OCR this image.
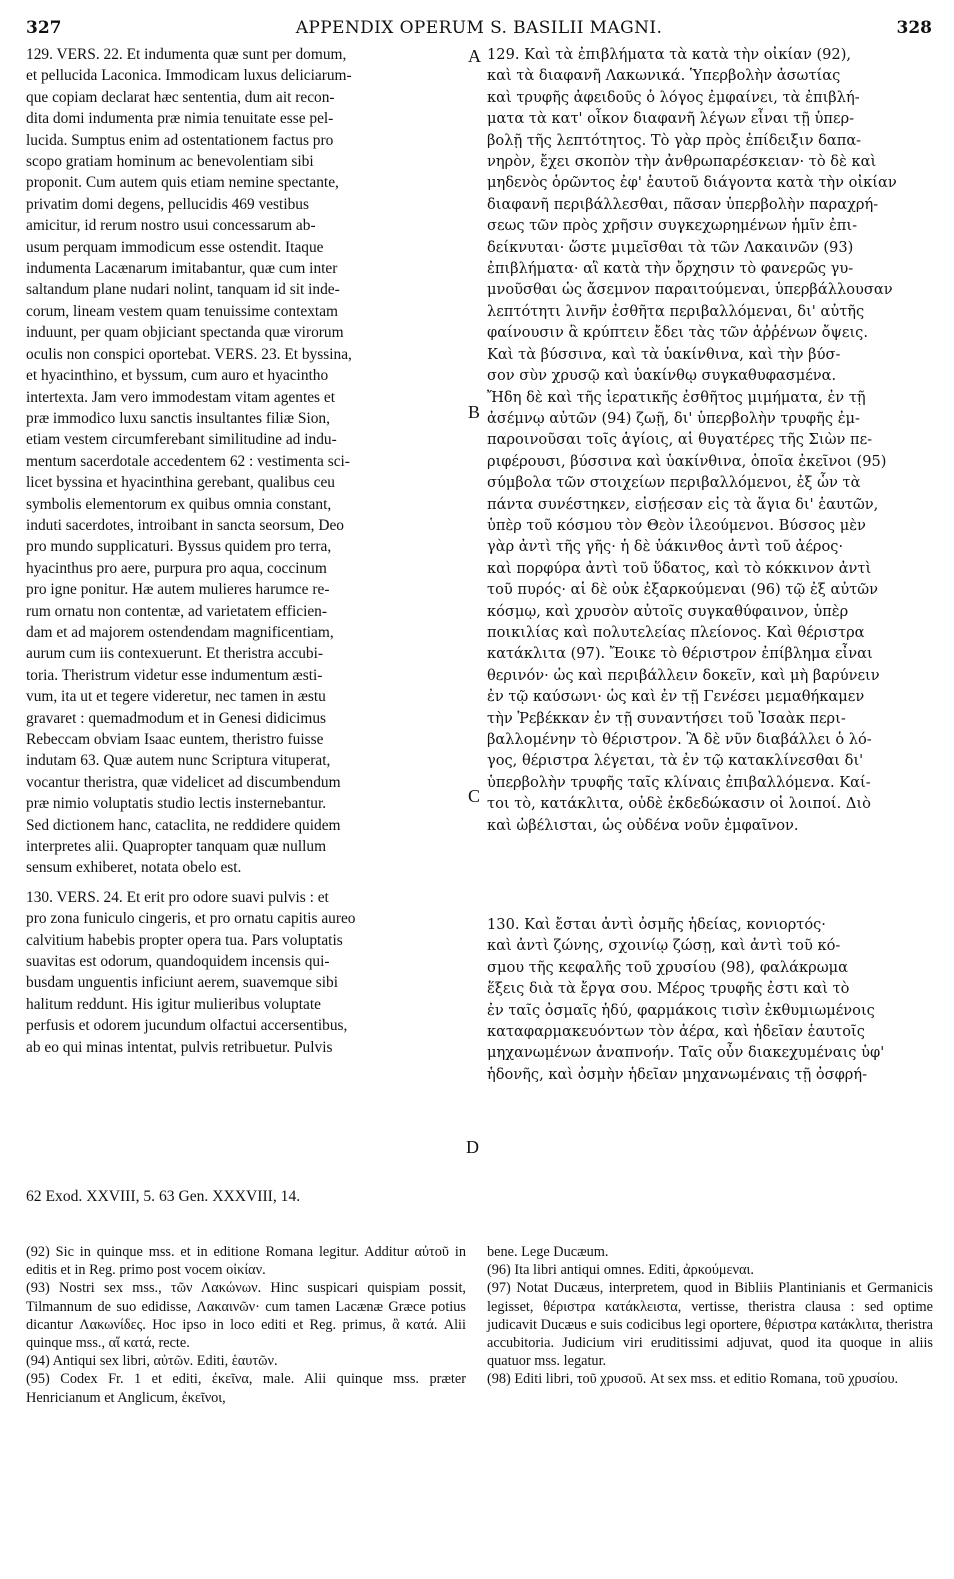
327	APPENDIX OPERUM S. BASILII MAGNI.	328

129. VERS. 22. Et indumenta quæ sunt per domum,

et pellucida Laconica. Immodicam luxus deliciarum-

que copiam declarat hæc sententia, dum ait recon-

dita domi indumenta præ nimia tenuitate esse pel-

lucida. Sumptus enim ad ostentationem factus pro

scopo gratiam hominum ac benevolentiam sibi

proponit. Cum autem quis etiam nemine spectante,

privatim domi degens, pellucidis 469 vestibus

amicitur, id rerum nostro usui concessarum ab-

usum perquam immodicum esse ostendit. Itaque

indumenta Lacænarum imitabantur, quæ cum inter

saltandum plane nudari nolint, tanquam id sit inde-

corum, lineam vestem quam tenuissime contextam

induunt, per quam objiciant spectanda quæ virorum

oculis non conspici oportebat. VERS. 23. Et byssina,

et hyacinthino, et byssum, cum auro et hyacintho

intertexta. Jam vero immodestam vitam agentes et

præ immodico luxu sanctis insultantes filiæ Sion,

etiam vestem circumferebant similitudine ad indu-

mentum sacerdotale accedentem 62 : vestimenta sci-

licet byssina et hyacinthina gerebant, qualibus ceu

symbolis elementorum ex quibus omnia constant,

induti sacerdotes, introibant in sancta seorsum, Deo

pro mundo supplicaturi. Byssus quidem pro terra,

hyacinthus pro aere, purpura pro aqua, coccinum

pro igne ponitur. Hæ autem mulieres harumce re-

rum ornatu non contentæ, ad varietatem efficien-

dam et ad majorem ostendendam magnificentiam,

aurum cum iis contexuerunt. Et theristra accubi-

toria. Theristrum videtur esse indumentum æsti-

vum, ita ut et tegere videretur, nec tamen in æstu

gravaret : quemadmodum et in Genesi didicimus

Rebeccam obviam Isaac euntem, theristro fuisse

indutam 63. Quæ autem nunc Scriptura vituperat,

vocantur theristra, quæ videlicet ad discumbendum

præ nimio voluptatis studio lectis insternebantur.

Sed dictionem hanc, cataclita, ne reddidere quidem

interpretes alii. Quapropter tanquam quæ nullum

sensum exhiberet, notata obelo est.

130. VERS. 24. Et erit pro odore suavi pulvis : et

pro zona funiculo cingeris, et pro ornatu capitis aureo

calvitium habebis propter opera tua. Pars voluptatis

suavitas est odorum, quandoquidem incensis qui-

busdam unguentis inficiunt aerem, suavemque sibi

halitum reddunt. His igitur mulieribus voluptate

perfusis et odorem jucundum olfactui accersentibus,

ab eo qui minas intentat, pulvis retribuetur. Pulvis

129. Καὶ τὰ ἐπιβλήματα τὰ κατὰ τὴν οἰκίαν (92),

καὶ τὰ διαφανῆ Λακωνικά. Ὑπερβολὴν ἀσωτίας

καὶ τρυφῆς ἀφειδοῦς ὁ λόγος ἐμφαίνει, τὰ ἐπιβλή-

ματα τὰ κατ' οἶκον διαφανῆ λέγων εἶναι τῇ ὑπερ-

βολῇ τῆς λεπτότητος. Τὸ γὰρ πρὸς ἐπίδειξιν δαπα-

νηρὸν, ἔχει σκοπὸν τὴν ἀνθρωπαρέσκειαν· τὸ δὲ καὶ

μηδενὸς ὁρῶντος ἐφ' ἑαυτοῦ διάγοντα κατὰ τὴν οἰκίαν

διαφανῆ περιβάλλεσθαι, πᾶσαν ὑπερβολὴν παραχρή-

σεως τῶν πρὸς χρῆσιν συγκεχωρημένων ἡμῖν ἐπι-

δείκνυται· ὥστε μιμεῖσθαι τὰ τῶν Λακαινῶν (93)

ἐπιβλήματα· αἳ κατὰ τὴν ὄρχησιν τὸ φανερῶς γυ-

μνοῦσθαι ὡς ἄσεμνον παραιτούμεναι, ὑπερβάλλουσαν

λεπτότητι λινῆν ἐσθῆτα περιβαλλόμεναι, δι' αὐτῆς

φαίνουσιν ἃ κρύπτειν ἔδει τὰς τῶν ἀῤῥένων ὄψεις.

Καὶ τὰ βύσσινα, καὶ τὰ ὑακίνθινα, καὶ τὴν βύσ-

σον σὺν χρυσῷ καὶ ὑακίνθῳ συγκαθυφασμένα.

Ἤδη δὲ καὶ τῆς ἱερατικῆς ἐσθῆτος μιμήματα, ἐν τῇ

ἀσέμνῳ αὐτῶν (94) ζωῇ, δι' ὑπερβολὴν τρυφῆς ἐμ-

παροινοῦσαι τοῖς ἁγίοις, αἱ θυγατέρες τῆς Σιὼν πε-

ριφέρουσι, βύσσινα καὶ ὑακίνθινα, ὁποῖα ἐκεῖνοι (95)

σύμβολα τῶν στοιχείων περιβαλλόμενοι, ἐξ ὧν τὰ

πάντα συνέστηκεν, εἰσῄεσαν εἰς τὰ ἅγια δι' ἑαυτῶν,

ὑπὲρ τοῦ κόσμου τὸν Θεὸν ἱλεούμενοι. Βύσσος μὲν

γὰρ ἀντὶ τῆς γῆς· ἡ δὲ ὑάκινθος ἀντὶ τοῦ ἀέρος·

καὶ πορφύρα ἀντὶ τοῦ ὕδατος, καὶ τὸ κόκκινον ἀντὶ

τοῦ πυρός· αἱ δὲ οὐκ ἐξαρκούμεναι (96) τῷ ἐξ αὐτῶν

κόσμῳ, καὶ χρυσὸν αὐτοῖς συγκαθύφαινον, ὑπὲρ

ποικιλίας καὶ πολυτελείας πλείονος. Καὶ θέριστρα

κατάκλιτα (97). Ἔοικε τὸ θέριστρον ἐπίβλημα εἶναι

θερινόν· ὡς καὶ περιβάλλειν δοκεῖν, καὶ μὴ βαρύνειν

ἐν τῷ καύσωνι· ὡς καὶ ἐν τῇ Γενέσει μεμαθήκαμεν

τὴν Ῥεβέκκαν ἐν τῇ συναντήσει τοῦ Ἰσαὰκ περι-

βαλλομένην τὸ θέριστρον. Ἃ δὲ νῦν διαβάλλει ὁ λό-

γος, θέριστρα λέγεται, τὰ ἐν τῷ κατακλίνεσθαι δι'

ὑπερβολὴν τρυφῆς ταῖς κλίναις ἐπιβαλλόμενα. Καί-

τοι τὸ, κατάκλιτα, οὐδὲ ἐκδεδώκασιν οἱ λοιποί. Διὸ

καὶ ὠβέλισται, ὡς οὐδένα νοῦν ἐμφαῖνον.

130. Καὶ ἔσται ἀντὶ ὀσμῆς ἡδείας, κονιορτός·

καὶ ἀντὶ ζώνης, σχοινίῳ ζώσῃ, καὶ ἀντὶ τοῦ κό-

σμου τῆς κεφαλῆς τοῦ χρυσίου (98), φαλάκρωμα

ἕξεις διὰ τὰ ἔργα σου. Μέρος τρυφῆς ἐστι καὶ τὸ

ἐν ταῖς ὀσμαῖς ἡδύ, φαρμάκοις τισὶν ἐκθυμιωμένοις

καταφαρμακευόντων τὸν ἀέρα, καὶ ἡδεῖαν ἑαυτοῖς

μηχανωμένων ἀναπνοήν. Ταῖς οὖν διακεχυμέναις ὑφ'

ἡδονῆς, καὶ ὀσμὴν ἡδεῖαν μηχανωμέναις τῇ ὀσφρή-

A
B
C
D
62 Exod. XXVIII, 5. 63 Gen. XXXVIII, 14.

(92) Sic in quinque mss. et in editione Romana legitur. Additur αὐτοῦ in editis et in Reg. primo post vocem οἰκίαν.

(93) Nostri sex mss., τῶν Λακώνων. Hinc suspicari quispiam possit, Tilmannum de suo edidisse, Λακαινῶν· cum tamen Lacænæ Græce potius dicantur Λακωνίδες. Hoc ipso in loco editi et Reg. primus, ἃ κατά. Alii quinque mss., αἵ κατά, recte.

(94) Antiqui sex libri, αὐτῶν. Editi, ἑαυτῶν.

(95) Codex Fr. 1 et editi, ἐκεῖνα, male. Alii quinque mss. præter Henricianum et Anglicum, ἐκεῖνοι,

bene. Lege Ducæum.

(96) Ita libri antiqui omnes. Editi, ἀρκούμεναι.

(97) Notat Ducæus, interpretem, quod in Bibliis Plantinianis et Germanicis legisset, θέριστρα κατάκλειστα, vertisse, theristra clausa : sed optime judicavit Ducæus e suis codicibus legi oportere, θέριστρα κατάκλιτα, theristra accubitoria. Judicium viri eruditissimi adjuvat, quod ita quoque in aliis quatuor mss. legatur.

(98) Editi libri, τοῦ χρυσοῦ. At sex mss. et editio Romana, τοῦ χρυσίου.
